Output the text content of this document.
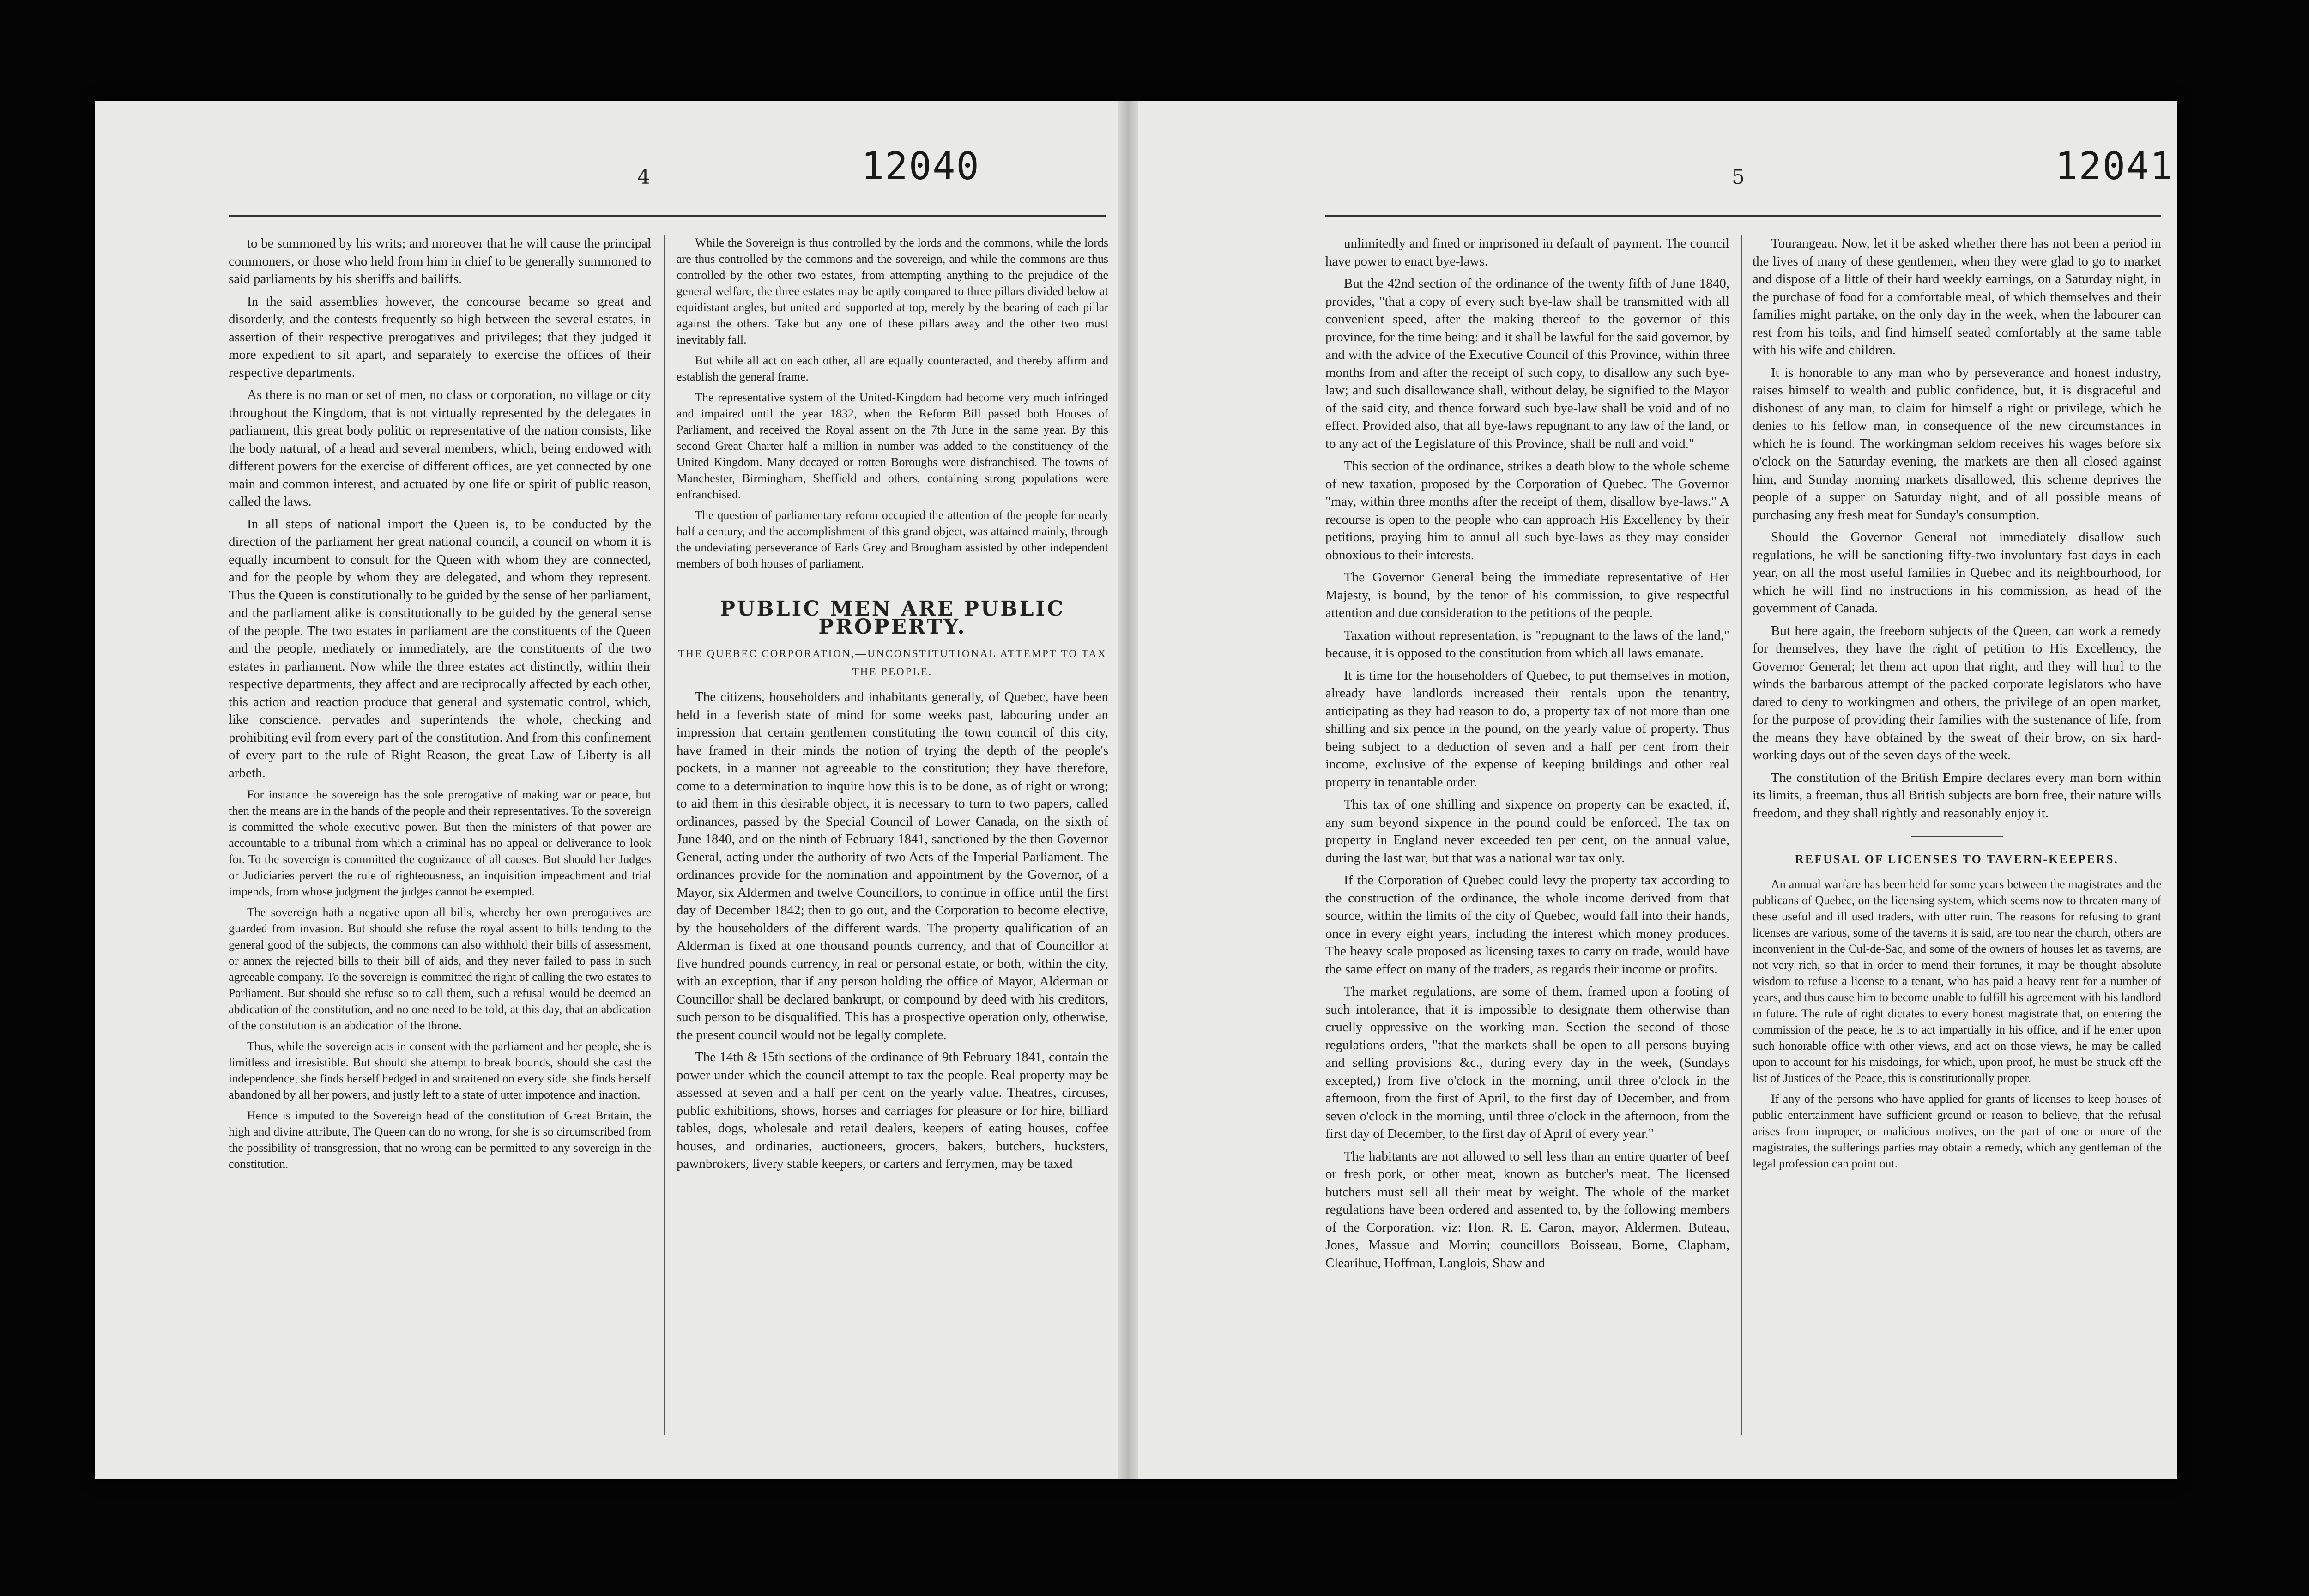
4	12040

to be summoned by his writs; and moreover that he will cause the principal commoners, or those who held from him in chief to be generally summoned to said parliaments by his sheriffs and bailiffs.

In the said assemblies however, the concourse became so great and disorderly, and the contests frequently so high between the several estates, in assertion of their respective prerogatives and privileges; that they judged it more expedient to sit apart, and separately to exercise the offices of their respective departments.

As there is no man or set of men, no class or corporation, no village or city throughout the Kingdom, that is not virtually represented by the delegates in parliament, this great body politic or representative of the nation consists, like the body natural, of a head and several members, which, being endowed with different powers for the exercise of different offices, are yet connected by one main and common interest, and actuated by one life or spirit of public reason, called the laws.

In all steps of national import the Queen is, to be conducted by the direction of the parliament her great national council, a council on whom it is equally incumbent to consult for the Queen with whom they are connected, and for the people by whom they are delegated, and whom they represent. Thus the Queen is constitutionally to be guided by the sense of her parliament, and the parliament alike is constitutionally to be guided by the general sense of the people. The two estates in parliament are the constituents of the Queen and the people, mediately or immediately, are the constituents of the two estates in parliament. Now while the three estates act distinctly, within their respective departments, they affect and are reciprocally affected by each other, this action and reaction produce that general and systematic control, which, like conscience, pervades and superintends the whole, checking and prohibiting evil from every part of the constitution. And from this confinement of every part to the rule of Right Reason, the great Law of Liberty is all arbeth.

For instance the sovereign has the sole prerogative of making war or peace, but then the means are in the hands of the people and their representatives. To the sovereign is committed the whole executive power. But then the ministers of that power are accountable to a tribunal from which a criminal has no appeal or deliverance to look for. To the sovereign is committed the cognizance of all causes. But should her Judges or Judiciaries pervert the rule of righteousness, an inquisition impeachment and trial impends, from whose judgment the judges cannot be exempted.

The sovereign hath a negative upon all bills, whereby her own prerogatives are guarded from invasion. But should she refuse the royal assent to bills tending to the general good of the subjects, the commons can also withhold their bills of assessment, or annex the rejected bills to their bill of aids, and they never failed to pass in such agreeable company. To the sovereign is committed the right of calling the two estates to Parliament. But should she refuse so to call them, such a refusal would be deemed an abdication of the constitution, and no one need to be told, at this day, that an abdication of the constitution is an abdication of the throne.

Thus, while the sovereign acts in consent with the parliament and her people, she is limitless and irresistible. But should she attempt to break bounds, should she cast the independence, she finds herself hedged in and straitened on every side, she finds herself abandoned by all her powers, and justly left to a state of utter impotence and inaction.

Hence is imputed to the Sovereign head of the constitution of Great Britain, the high and divine attribute, The Queen can do no wrong, for she is so circumscribed from the possibility of transgression, that no wrong can be permitted to any sovereign in the constitution.

While the Sovereign is thus controlled by the lords and the commons, while the lords are thus controlled by the commons and the sovereign, and while the commons are thus controlled by the other two estates, from attempting anything to the prejudice of the general welfare, the three estates may be aptly compared to three pillars divided below at equidistant angles, but united and supported at top, merely by the bearing of each pillar against the others. Take but any one of these pillars away and the other two must inevitably fall.

But while all act on each other, all are equally counteracted, and thereby affirm and establish the general frame.

The representative system of the United-Kingdom had become very much infringed and impaired until the year 1832, when the Reform Bill passed both Houses of Parliament, and received the Royal assent on the 7th June in the same year. By this second Great Charter half a million in number was added to the constituency of the United Kingdom. Many decayed or rotten Boroughs were disfranchised. The towns of Manchester, Birmingham, Sheffield and others, containing strong populations were enfranchised.

The question of parliamentary reform occupied the attention of the people for nearly half a century, and the accomplishment of this grand object, was attained mainly, through the undeviating perseverance of Earls Grey and Brougham assisted by other independent members of both houses of parliament.

PUBLIC MEN ARE PUBLIC PROPERTY.
THE QUEBEC CORPORATION,—UNCONSTITUTIONAL ATTEMPT TO TAX THE PEOPLE.

The citizens, householders and inhabitants generally, of Quebec, have been held in a feverish state of mind for some weeks past, labouring under an impression that certain gentlemen constituting the town council of this city, have framed in their minds the notion of trying the depth of the people's pockets, in a manner not agreeable to the constitution; they have therefore, come to a determination to inquire how this is to be done, as of right or wrong; to aid them in this desirable object, it is necessary to turn to two papers, called ordinances, passed by the Special Council of Lower Canada, on the sixth of June 1840, and on the ninth of February 1841, sanctioned by the then Governor General, acting under the authority of two Acts of the Imperial Parliament. The ordinances provide for the nomination and appointment by the Governor, of a Mayor, six Aldermen and twelve Councillors, to continue in office until the first day of December 1842; then to go out, and the Corporation to become elective, by the householders of the different wards. The property qualification of an Alderman is fixed at one thousand pounds currency, and that of Councillor at five hundred pounds currency, in real or personal estate, or both, within the city, with an exception, that if any person holding the office of Mayor, Alderman or Councillor shall be declared bankrupt, or compound by deed with his creditors, such person to be disqualified. This has a prospective operation only, otherwise, the present council would not be legally complete.

The 14th & 15th sections of the ordinance of 9th February 1841, contain the power under which the council attempt to tax the people. Real property may be assessed at seven and a half per cent on the yearly value. Theatres, circuses, public exhibitions, shows, horses and carriages for pleasure or for hire, billiard tables, dogs, wholesale and retail dealers, keepers of eating houses, coffee houses, and ordinaries, auctioneers, grocers, bakers, butchers, hucksters, pawnbrokers, livery stable keepers, or carters and ferrymen, may be taxed

5	12041

unlimitedly and fined or imprisoned in default of payment. The council have power to enact bye-laws.

But the 42nd section of the ordinance of the twenty fifth of June 1840, provides, "that a copy of every such bye-law shall be transmitted with all convenient speed, after the making thereof to the governor of this province, for the time being: and it shall be lawful for the said governor, by and with the advice of the Executive Council of this Province, within three months from and after the receipt of such copy, to disallow any such bye-law; and such disallowance shall, without delay, be signified to the Mayor of the said city, and thence forward such bye-law shall be void and of no effect. Provided also, that all bye-laws repugnant to any law of the land, or to any act of the Legislature of this Province, shall be null and void."

This section of the ordinance, strikes a death blow to the whole scheme of new taxation, proposed by the Corporation of Quebec. The Governor "may, within three months after the receipt of them, disallow bye-laws." A recourse is open to the people who can approach His Excellency by their petitions, praying him to annul all such bye-laws as they may consider obnoxious to their interests.

The Governor General being the immediate representative of Her Majesty, is bound, by the tenor of his commission, to give respectful attention and due consideration to the petitions of the people.

Taxation without representation, is "repugnant to the laws of the land," because, it is opposed to the constitution from which all laws emanate.

It is time for the householders of Quebec, to put themselves in motion, already have landlords increased their rentals upon the tenantry, anticipating as they had reason to do, a property tax of not more than one shilling and six pence in the pound, on the yearly value of property. Thus being subject to a deduction of seven and a half per cent from their income, exclusive of the expense of keeping buildings and other real property in tenantable order.

This tax of one shilling and sixpence on property can be exacted, if, any sum beyond sixpence in the pound could be enforced. The tax on property in England never exceeded ten per cent, on the annual value, during the last war, but that was a national war tax only.

If the Corporation of Quebec could levy the property tax according to the construction of the ordinance, the whole income derived from that source, within the limits of the city of Quebec, would fall into their hands, once in every eight years, including the interest which money produces. The heavy scale proposed as licensing taxes to carry on trade, would have the same effect on many of the traders, as regards their income or profits.

The market regulations, are some of them, framed upon a footing of such intolerance, that it is impossible to designate them otherwise than cruelly oppressive on the working man. Section the second of those regulations orders, "that the markets shall be open to all persons buying and selling provisions &c., during every day in the week, (Sundays excepted,) from five o'clock in the morning, until three o'clock in the afternoon, from the first of April, to the first day of December, and from seven o'clock in the morning, until three o'clock in the afternoon, from the first day of December, to the first day of April of every year."

The habitants are not allowed to sell less than an entire quarter of beef or fresh pork, or other meat, known as butcher's meat. The licensed butchers must sell all their meat by weight. The whole of the market regulations have been ordered and assented to, by the following members of the Corporation, viz: Hon. R. E. Caron, mayor, Aldermen, Buteau, Jones, Massue and Morrin; councillors Boisseau, Borne, Clapham, Clearihue, Hoffman, Langlois, Shaw and

Tourangeau. Now, let it be asked whether there has not been a period in the lives of many of these gentlemen, when they were glad to go to market and dispose of a little of their hard weekly earnings, on a Saturday night, in the purchase of food for a comfortable meal, of which themselves and their families might partake, on the only day in the week, when the labourer can rest from his toils, and find himself seated comfortably at the same table with his wife and children.

It is honorable to any man who by perseverance and honest industry, raises himself to wealth and public confidence, but, it is disgraceful and dishonest of any man, to claim for himself a right or privilege, which he denies to his fellow man, in consequence of the new circumstances in which he is found. The workingman seldom receives his wages before six o'clock on the Saturday evening, the markets are then all closed against him, and Sunday morning markets disallowed, this scheme deprives the people of a supper on Saturday night, and of all possible means of purchasing any fresh meat for Sunday's consumption.

Should the Governor General not immediately disallow such regulations, he will be sanctioning fifty-two involuntary fast days in each year, on all the most useful families in Quebec and its neighbourhood, for which he will find no instructions in his commission, as head of the government of Canada.

But here again, the freeborn subjects of the Queen, can work a remedy for themselves, they have the right of petition to His Excellency, the Governor General; let them act upon that right, and they will hurl to the winds the barbarous attempt of the packed corporate legislators who have dared to deny to workingmen and others, the privilege of an open market, for the purpose of providing their families with the sustenance of life, from the means they have obtained by the sweat of their brow, on six hard-working days out of the seven days of the week.

The constitution of the British Empire declares every man born within its limits, a freeman, thus all British subjects are born free, their nature wills freedom, and they shall rightly and reasonably enjoy it.

REFUSAL OF LICENSES TO TAVERN-KEEPERS.

An annual warfare has been held for some years between the magistrates and the publicans of Quebec, on the licensing system, which seems now to threaten many of these useful and ill used traders, with utter ruin. The reasons for refusing to grant licenses are various, some of the taverns it is said, are too near the church, others are inconvenient in the Cul-de-Sac, and some of the owners of houses let as taverns, are not very rich, so that in order to mend their fortunes, it may be thought absolute wisdom to refuse a license to a tenant, who has paid a heavy rent for a number of years, and thus cause him to become unable to fulfill his agreement with his landlord in future. The rule of right dictates to every honest magistrate that, on entering the commission of the peace, he is to act impartially in his office, and if he enter upon such honorable office with other views, and act on those views, he may be called upon to account for his misdoings, for which, upon proof, he must be struck off the list of Justices of the Peace, this is constitutionally proper.

If any of the persons who have applied for grants of licenses to keep houses of public entertainment have sufficient ground or reason to believe, that the refusal arises from improper, or malicious motives, on the part of one or more of the magistrates, the sufferings parties may obtain a remedy, which any gentleman of the legal profession can point out.
